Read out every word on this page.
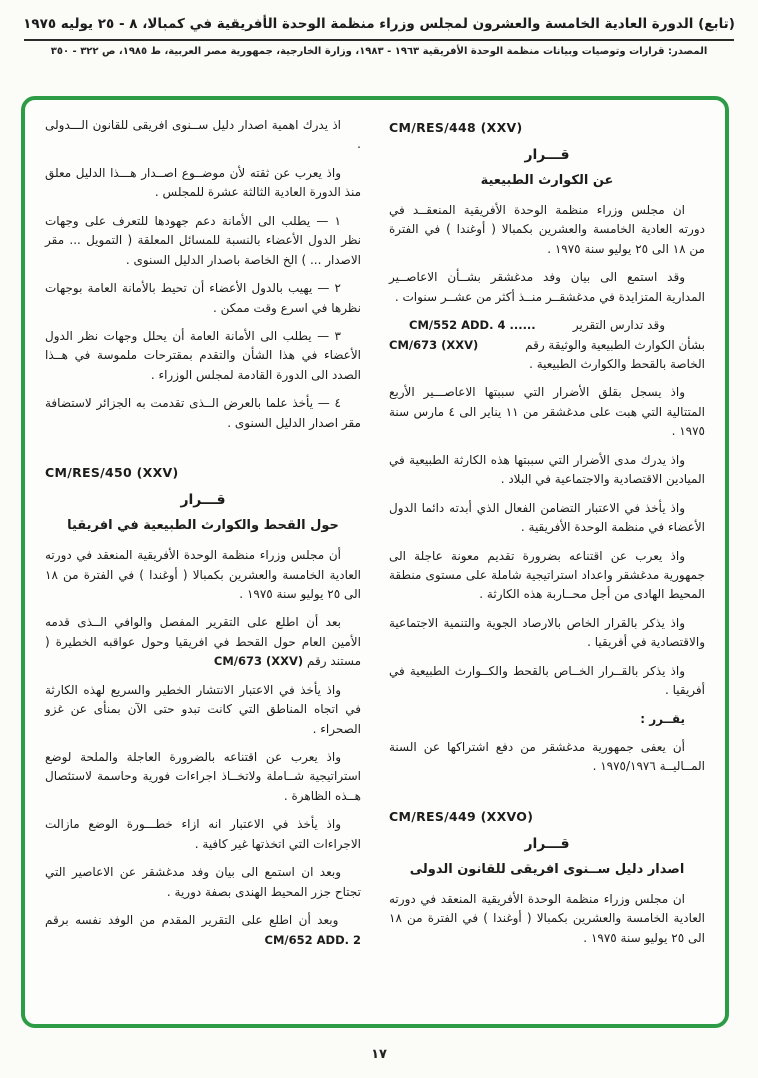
(تابع) الدورة العادية الخامسة والعشرون لمجلس وزراء منظمة الوحدة الأفريقية في كمبالا، ٨ - ٢٥ يوليه ١٩٧٥
المصدر: قرارات وتوصيات وبيانات منظمة الوحدة الأفريقية ١٩٦٣ - ١٩٨٣، وزارة الخارجية، جمهورية مصر العربية، ط ١٩٨٥، ص ٣٢٢ - ٣٥٠
CM/RES/448 (XXV)
قـــرار
عن الكوارث الطبيعية

ان مجلس وزراء منظمة الوحدة الأفريقية المنعقــد في دورته العادية الخامسة والعشرين بكمبالا ( أوغندا ) في الفترة من ١٨ الى ٢٥ يوليو سنة ١٩٧٥ .

وقد استمع الى بيان وفد مدغشقر بشــأن الاعاصــير المدارية المتزايدة في مدغشقــر منــذ أكثر من عشــر سنوات .

وقد تدارس التقرير
CM/552 ADD. 4 ......
بشأن الكوارث الطبيعية والوثيقة رقم
CM/673 (XXV)
الخاصة بالقحط والكوارث الطبيعية .

واذ يسجل بقلق الأضرار التي سببتها الاعاصـــير الأربع المتتالية التي هبت على مدغشقر من ١١ يناير الى ٤ مارس سنة ١٩٧٥ .

واذ يدرك مدى الأضرار التي سببتها هذه الكارثة الطبيعية في الميادين الاقتصادية والاجتماعية في البلاد .

واذ يأخذ في الاعتبار التضامن الفعال الذي أبدته دائما الدول الأعضاء في منظمة الوحدة الأفريقية .

واذ يعرب عن اقتناعه بضرورة تقديم معونة عاجلة الى جمهورية مدغشقر واعداد استراتيجية شاملة على مستوى منطقة المحيط الهادى من أجل محــاربة هذه الكارثة .

واذ يذكر بالقرار الخاص بالارصاد الجوية والتنمية الاجتماعية والاقتصادية في أفريقيا .

واذ يذكر بالقــرار الخــاص بالقحط والكــوارث الطبيعية في أفريقيا .

يقــرر :

أن يعفى جمهورية مدغشقر من دفع اشتراكها عن السنة المــاليــة ١٩٧٥/١٩٧٦ .

CM/RES/449 (XXVO)
قـــرار
اصدار دليل ســنوى افريقى للقانون الدولى

ان مجلس وزراء منظمة الوحدة الأفريقية المنعقد في دورته العادية الخامسة والعشرين بكمبالا ( أوغندا ) في الفترة من ١٨ الى ٢٥ يوليو سنة ١٩٧٥ .

اذ يدرك اهمية اصدار دليل ســنوى افريقى للقانون الـــدولى .

واذ يعرب عن ثقته لأن موضــوع اصــدار هـــذا الدليل معلق منذ الدورة العادية الثالثة عشرة للمجلس .

١ — يطلب الى الأمانة دعم جهودها للتعرف على وجهات نظر الدول الأعضاء بالنسبة للمسائل المعلقة ( التمويل ... مقر الاصدار ... ) الخ الخاصة باصدار الدليل السنوى .

٢ — يهيب بالدول الأعضاء أن تحيط بالأمانة العامة بوجهات نظرها في اسرع وقت ممكن .

٣ — يطلب الى الأمانة العامة أن يحلل وجهات نظر الدول الأعضاء في هذا الشأن والتقدم بمقترحات ملموسة في هــذا الصدد الى الدورة القادمة لمجلس الوزراء .

٤ — يأخذ علما بالعرض الــذى تقدمت به الجزائر لاستضافة مقر اصدار الدليل السنوى .

CM/RES/450 (XXV)
قـــرار
حول القحط والكوارث الطبيعية في افريقيا

أن مجلس وزراء منظمة الوحدة الأفريقية المنعقد في دورته العادية الخامسة والعشرين بكمبالا ( أوغندا ) في الفترة من ١٨ الى ٢٥ يوليو سنة ١٩٧٥ .

بعد أن اطلع على التقرير المفصل والوافي الــذى قدمه الأمين العام حول القحط في افريقيا وحول عواقبه الخطيرة ( مستند رقم CM/673 (XXV)

واذ يأخذ في الاعتبار الانتشار الخطير والسريع لهذه الكارثة في اتجاه المناطق التي كانت تبدو حتى الآن بمنأى عن غزو الصحراء .

واذ يعرب عن اقتناعه بالضرورة العاجلة والملحة لوضع استراتيجية شــاملة ولاتخــاذ اجراءات فورية وحاسمة لاستئصال هــذه الظاهرة .

واذ يأخذ في الاعتبار انه ازاء خطـــورة الوضع مازالت الاجراءات التي اتخذتها غير كافية .

وبعد ان استمع الى بيان وفد مدغشقر عن الاعاصير التي تجتاح جزر المحيط الهندى بصفة دورية .

وبعد أن اطلع على التقرير المقدم من الوفد نفسه برقم CM/652 ADD. 2

١٧
